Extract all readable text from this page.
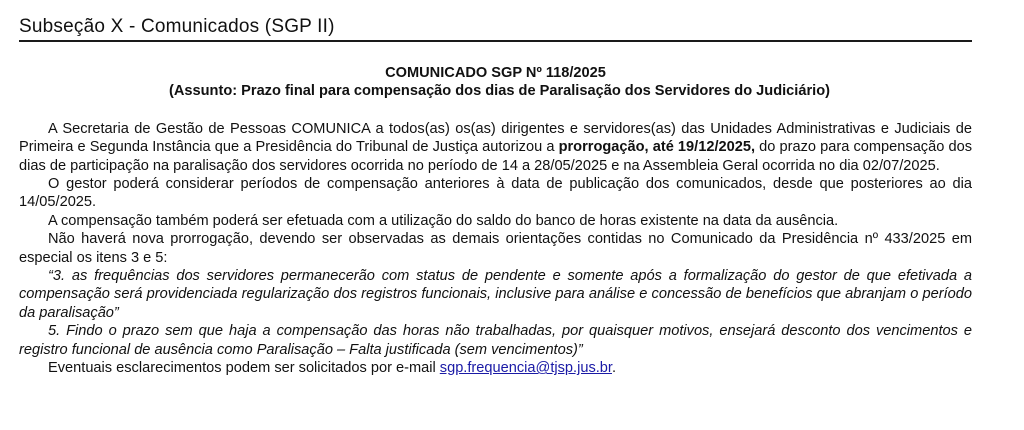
Subseção X - Comunicados (SGP II)
COMUNICADO SGP Nº 118/2025
(Assunto: Prazo final para compensação dos dias de Paralisação dos Servidores do Judiciário)

A Secretaria de Gestão de Pessoas COMUNICA a todos(as) os(as) dirigentes e servidores(as) das Unidades Administrativas e Judiciais de Primeira e Segunda Instância que a Presidência do Tribunal de Justiça autorizou a prorrogação, até 19/12/2025, do prazo para compensação dos dias de participação na paralisação dos servidores ocorrida no período de 14 a 28/05/2025 e na Assembleia Geral ocorrida no dia 02/07/2025.

O gestor poderá considerar períodos de compensação anteriores à data de publicação dos comunicados, desde que posteriores ao dia 14/05/2025.

A compensação também poderá ser efetuada com a utilização do saldo do banco de horas existente na data da ausência.

Não haverá nova prorrogação, devendo ser observadas as demais orientações contidas no Comunicado da Presidência nº 433/2025 em especial os itens 3 e 5:

“3. as frequências dos servidores permanecerão com status de pendente e somente após a formalização do gestor de que efetivada a compensação será providenciada regularização dos registros funcionais, inclusive para análise e concessão de benefícios que abranjam o período da paralisação”

5. Findo o prazo sem que haja a compensação das horas não trabalhadas, por quaisquer motivos, ensejará desconto dos vencimentos e registro funcional de ausência como Paralisação – Falta justificada (sem vencimentos)”

Eventuais esclarecimentos podem ser solicitados por e-mail sgp.frequencia@tjsp.jus.br.
